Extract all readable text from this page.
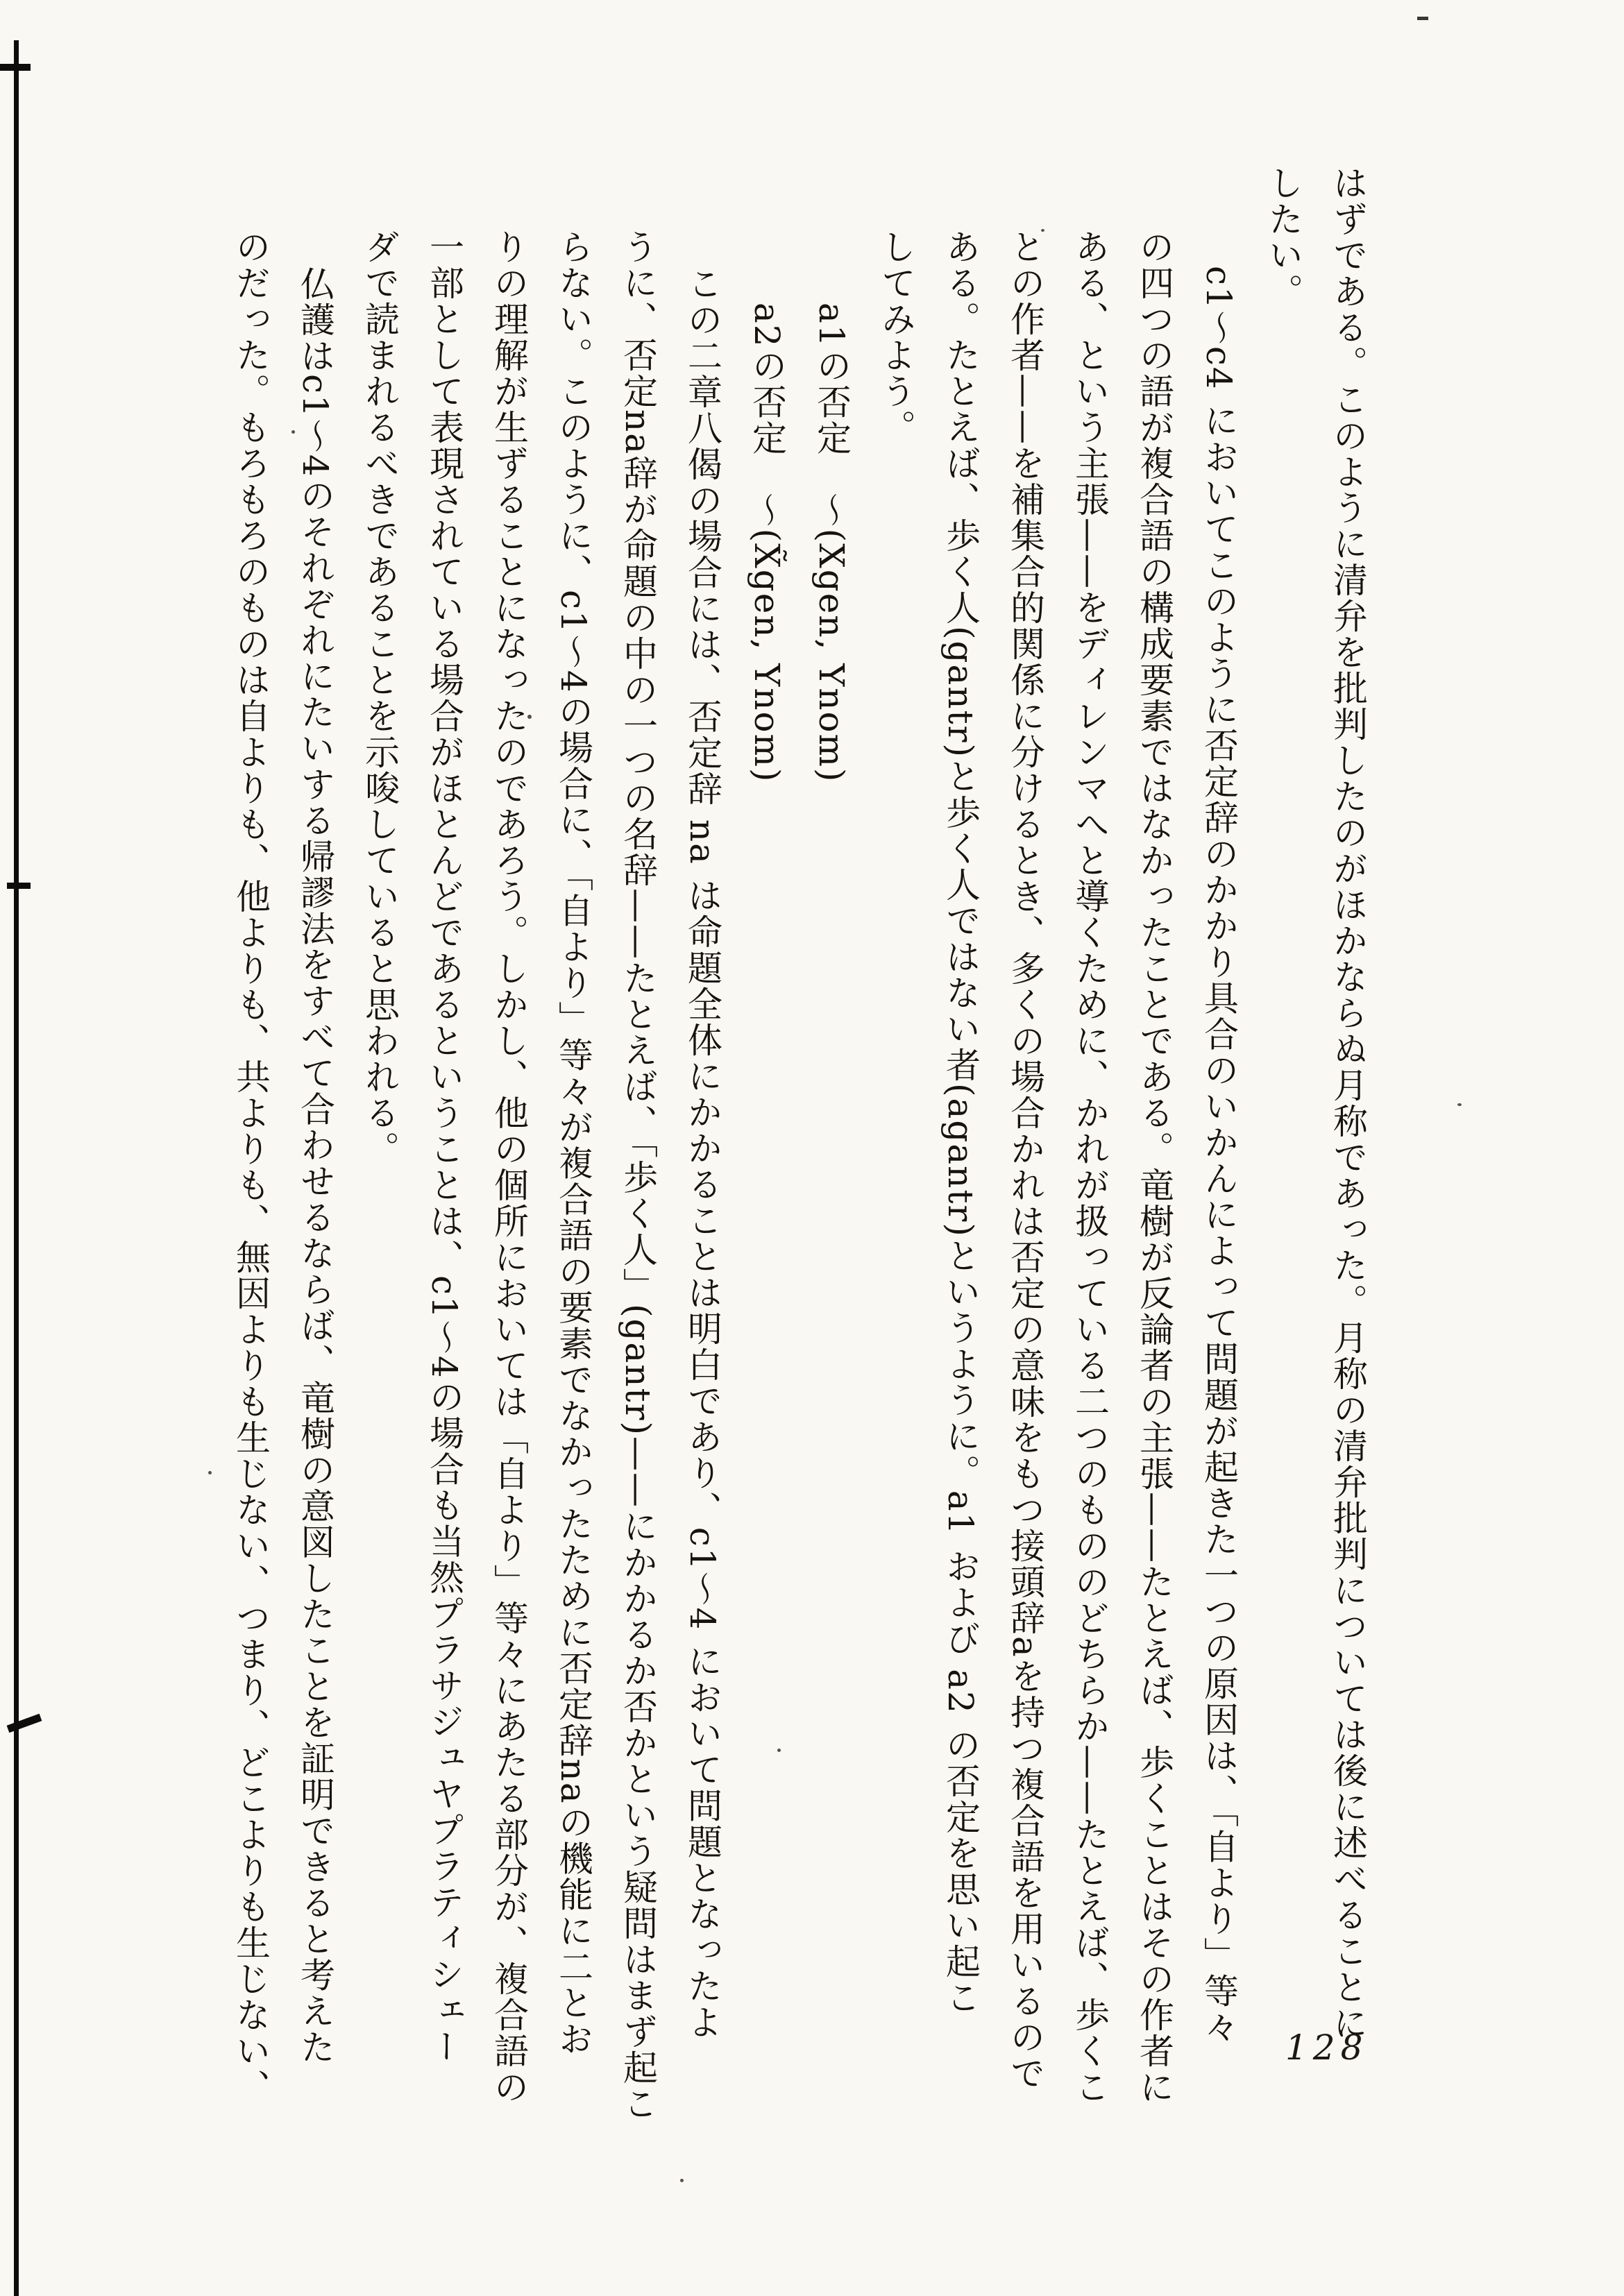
はずである。このように清弁を批判したのがほかならぬ月称であった。月称の清弁批判については後に述べることに
したい。
c1～c4 においてこのように否定辞のかかり具合のいかんによって問題が起きた一つの原因は、「自より」等々
の四つの語が複合語の構成要素ではなかったことである。竜樹が反論者の主張——たとえば、歩くことはその作者に
ある、という主張——をディレンマへと導くために、かれが扱っている二つのもののどちらか——たとえば、歩くこ
との作者——を補集合的関係に分けるとき、多くの場合かれは否定の意味をもつ接頭辞aを持つ複合語を用いるので
ある。たとえば、歩く人(gantr)と歩く人ではない者(agantr)というように。a1 および a2 の否定を思い起こ
してみよう。
a1の否定　～(Xgen, Ynom)
a2の否定　～(X̃gen, Ynom)
この二章八偈の場合には、否定辞 na は命題全体にかかることは明白であり、c1～4 において問題となったよ
うに、否定na辞が命題の中の一つの名辞——たとえば、「歩く人」(gantr)——にかかるか否かという疑問はまず起こ
らない。このように、c1～4の場合に、「自より」等々が複合語の要素でなかったために否定辞naの機能に二とお
りの理解が生ずることになったのであろう。しかし、他の個所においては「自より」等々にあたる部分が、複合語の
一部として表現されている場合がほとんどであるということは、c1～4の場合も当然プラサジュヤプラティシェー
ダで読まれるべきであることを示唆していると思われる。
仏護はc1～4のそれぞれにたいする帰謬法をすべて合わせるならば、竜樹の意図したことを証明できると考えた
のだった。もろもろのものは自よりも、他よりも、共よりも、無因よりも生じない、つまり、どこよりも生じない、	128
